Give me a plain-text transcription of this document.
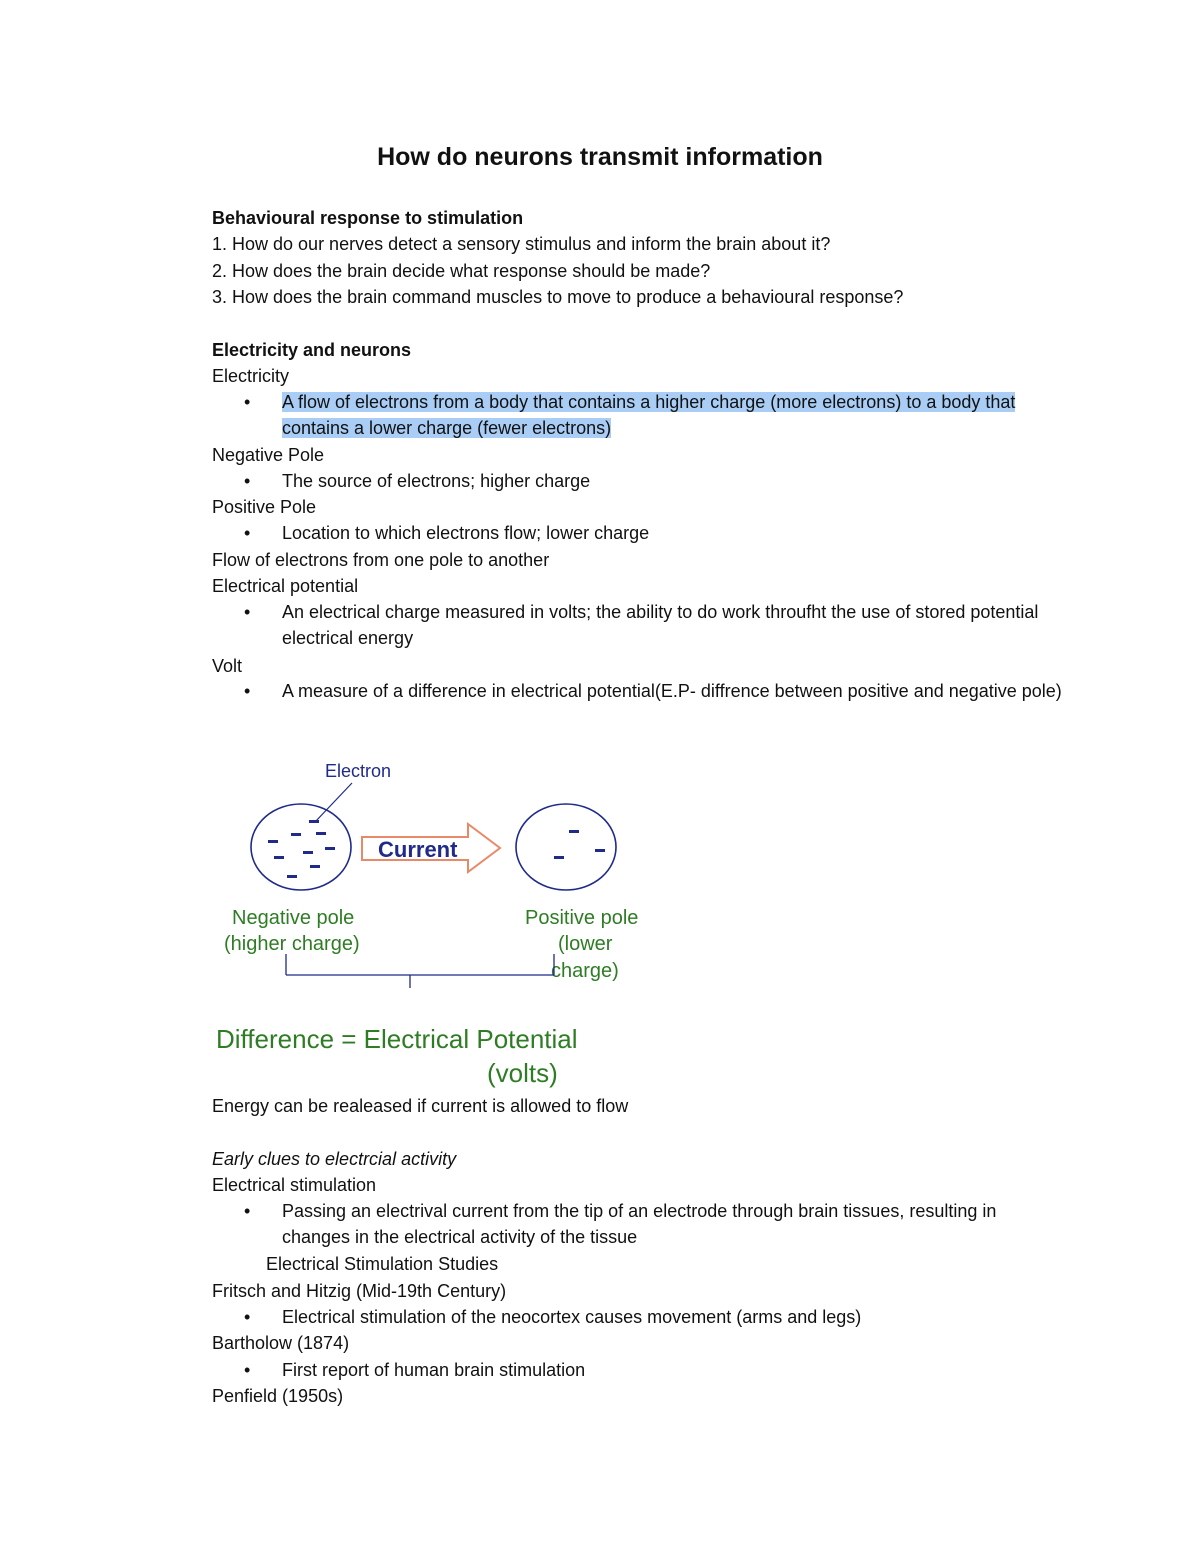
How do neurons transmit information
Behavioural response to stimulation
1. How do our nerves detect a sensory stimulus and inform the brain about it?
2. How does the brain decide what response should be made?
3. How does the brain command muscles to move to produce a behavioural response?
Electricity and neurons
Electricity
• A flow of electrons from a body that contains a higher charge (more electrons) to a body that contains a lower charge (fewer electrons)
Negative Pole
• The source of electrons; higher charge
Positive Pole
• Location to which electrons flow; lower charge
Flow of electrons from one pole to another
Electrical potential
• An electrical charge measured in volts; the ability to do work throufht the use of stored potential electrical energy
Volt
• A measure of a difference in electrical potential(E.P- diffrence between positive and negative pole)
Electron
Current
Negative pole
(higher charge)
Positive pole
(lower
charge)
Difference = Electrical Potential
(volts)
Energy can be realeased if current is allowed to flow
Early clues to electrcial activity
Electrical stimulation
• Passing an electrival current from the tip of an electrode through brain tissues, resulting in changes in the electrical activity of the tissue
Electrical Stimulation Studies
Fritsch and Hitzig (Mid-19th Century)
• Electrical stimulation of the neocortex causes movement (arms and legs)
Bartholow (1874)
• First report of human brain stimulation
Penfield (1950s)
